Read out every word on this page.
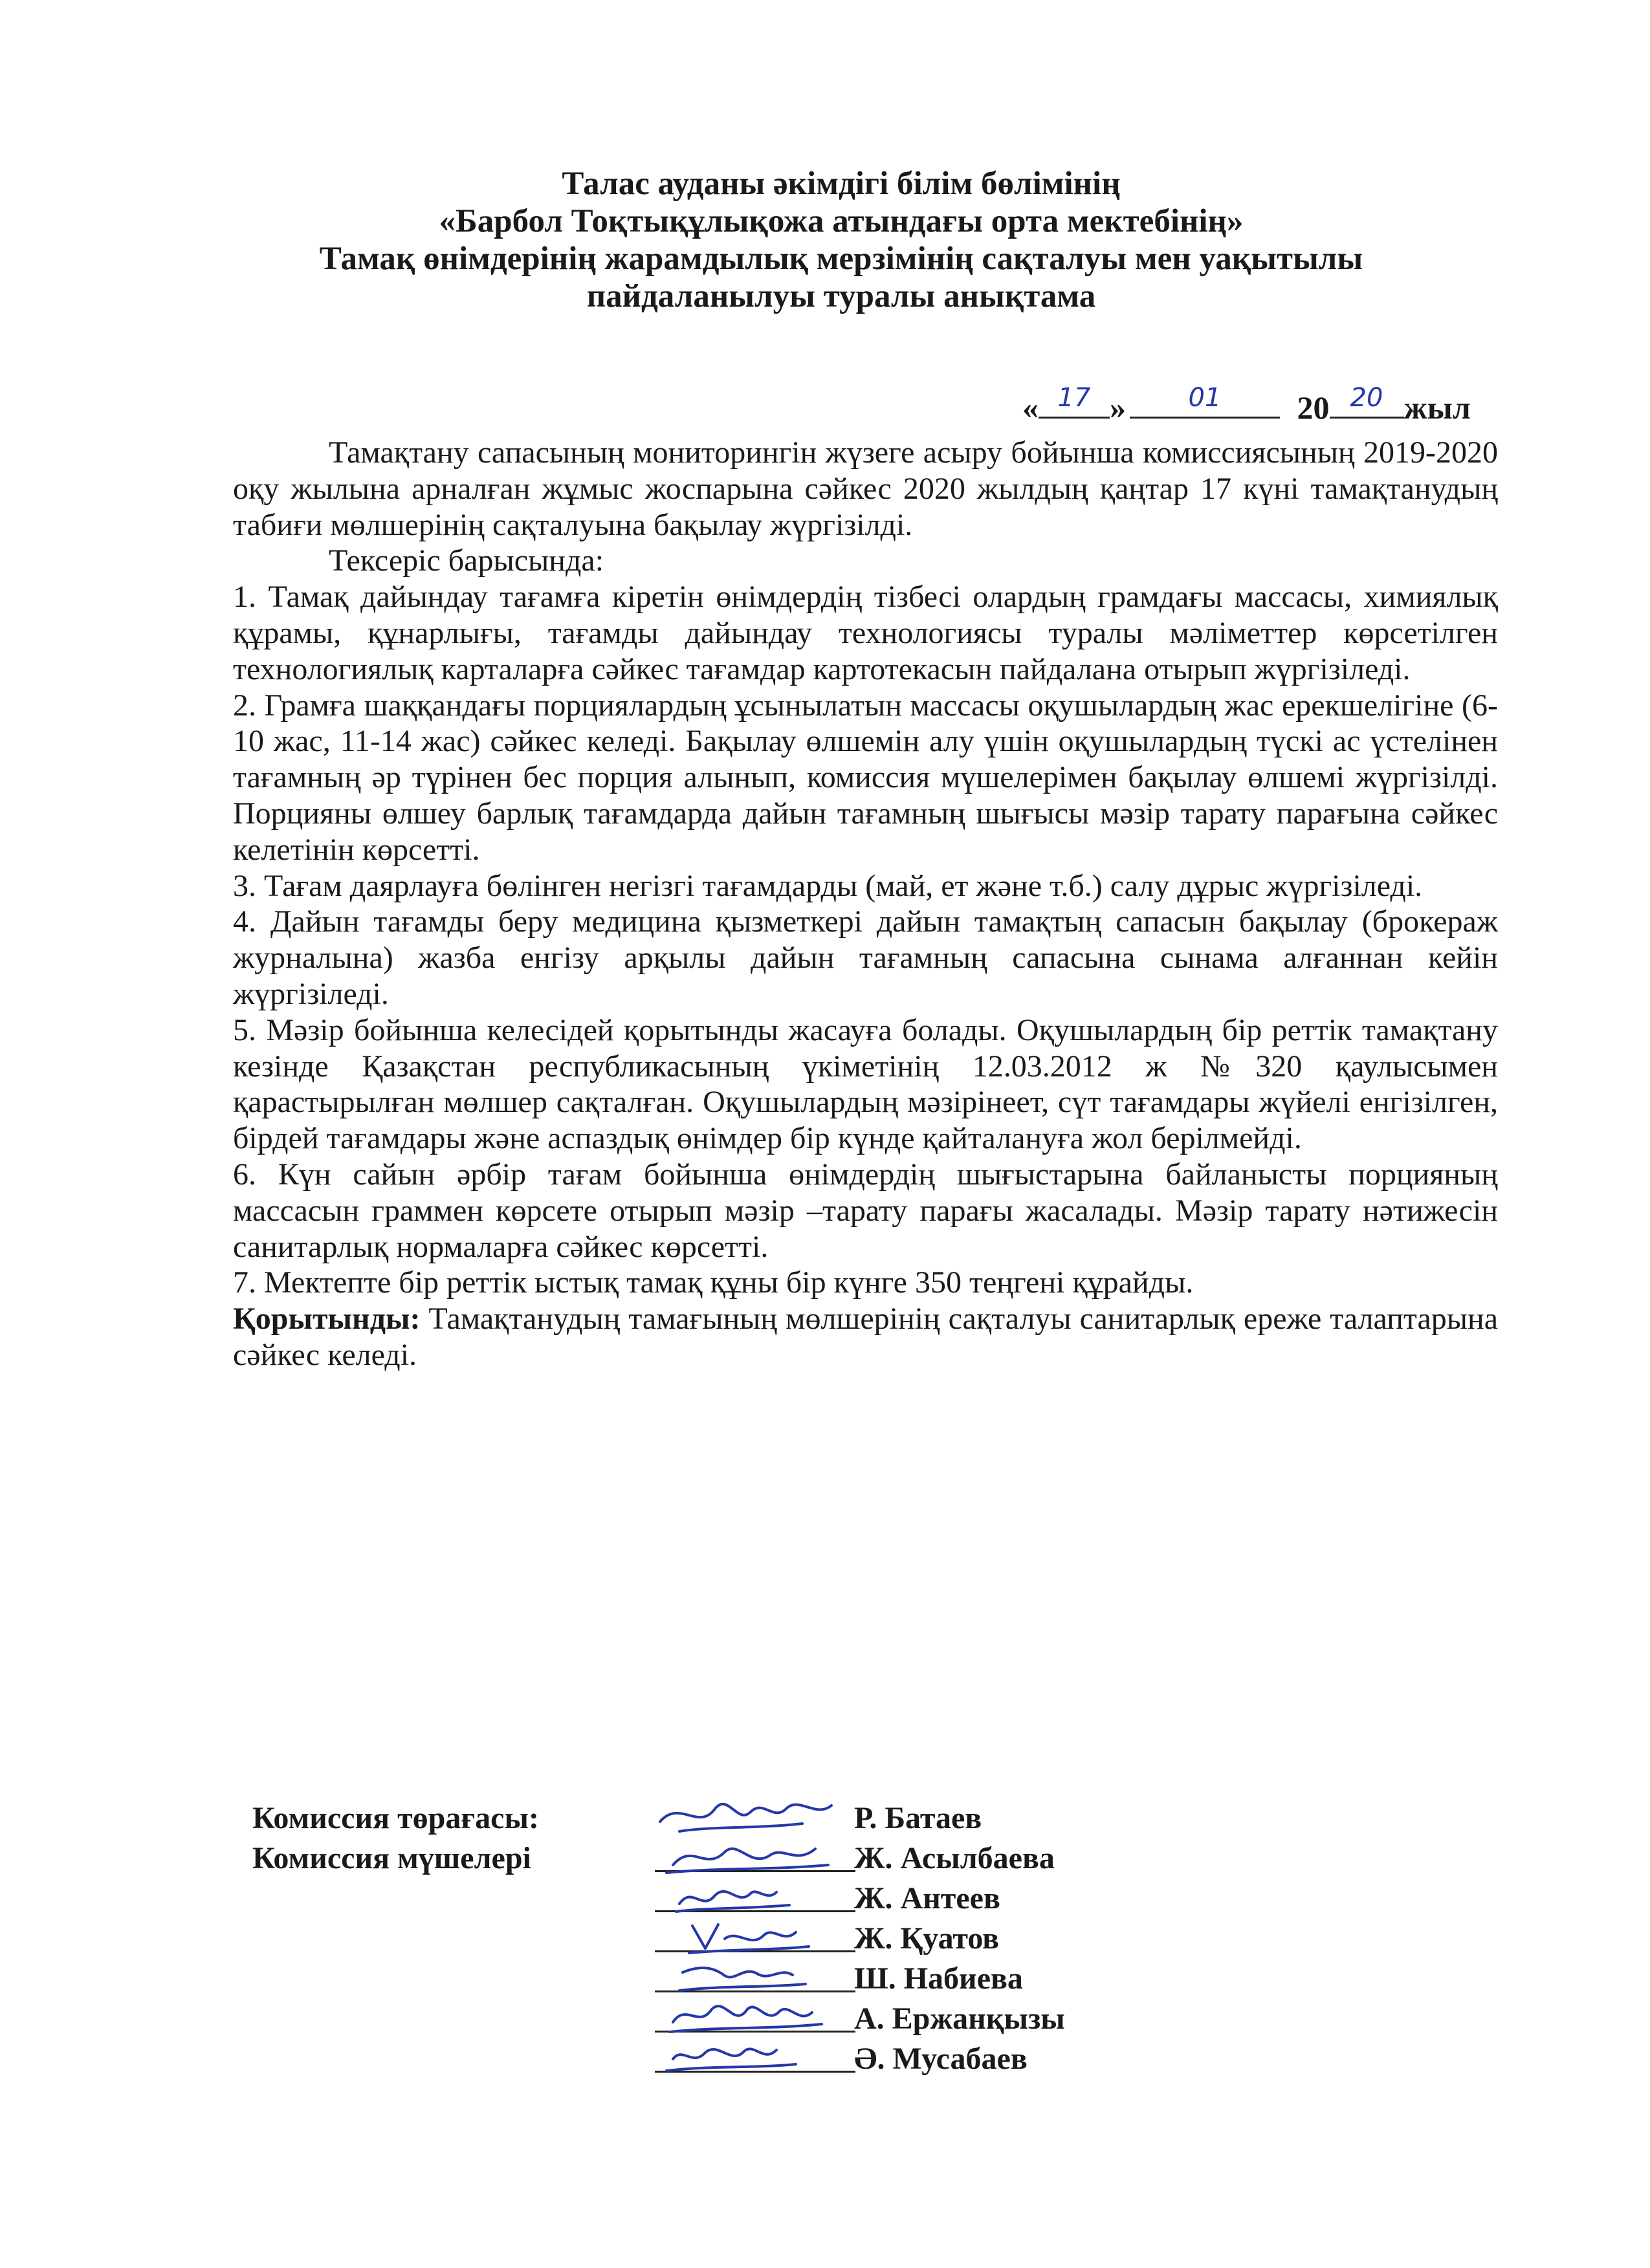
Талас ауданы әкімдігі білім бөлімінің
«Барбол Тоқтықұлықожа атындағы орта мектебінің»
Тамақ өнімдерінің жарамдылық мерзімінің сақталуы мен уақытылы
пайдаланылуы туралы анықтама
« 17 »	01	20 20 жыл

Тамақтану сапасының мониторингін жүзеге асыру бойынша комиссиясының 2019-2020 оқу жылына арналған жұмыс жоспарына сәйкес 2020 жылдың қаңтар 17 күні тамақтанудың табиғи мөлшерінің сақталуына бақылау жүргізілді.

Тексеріс барысында:

1. Тамақ дайындау тағамға кіретін өнімдердің тізбесі олардың грамдағы массасы, химиялық құрамы, құнарлығы, тағамды дайындау технологиясы туралы мәліметтер көрсетілген технологиялық карталарға сәйкес тағамдар картотекасын пайдалана отырып жүргізіледі.

2. Грамға шаққандағы порциялардың ұсынылатын массасы оқушылардың жас ерекшелігіне (6-10 жас, 11-14 жас) сәйкес келеді. Бақылау өлшемін алу үшін оқушылардың түскі ас үстелінен тағамның әр түрінен бес порция алынып, комиссия мүшелерімен бақылау өлшемі жүргізілді. Порцияны өлшеу барлық тағамдарда дайын тағамның шығысы мәзір тарату парағына сәйкес келетінін көрсетті.

3. Тағам даярлауға бөлінген негізгі тағамдарды (май, ет және т.б.) салу дұрыс жүргізіледі.

4. Дайын тағамды беру медицина қызметкері дайын тамақтың сапасын бақылау (брокераж журналына) жазба енгізу арқылы дайын тағамның сапасына сынама алғаннан кейін жүргізіледі.

5. Мәзір бойынша келесідей қорытынды жасауға болады. Оқушылардың бір реттік тамақтану кезінде Қазақстан республикасының үкіметінің 12.03.2012 ж №320 қаулысымен қарастырылған мөлшер сақталған. Оқушылардың мәзірінеет, сүт тағамдары жүйелі енгізілген, бірдей тағамдары және аспаздық өнімдер бір күнде қайталануға жол берілмейді.

6. Күн сайын әрбір тағам бойынша өнімдердің шығыстарына байланысты порцияның массасын граммен көрсете отырып мәзір –тарату парағы жасалады. Мәзір тарату нәтижесін санитарлық нормаларға сәйкес көрсетті.

7. Мектепте бір реттік ыстық тамақ құны бір күнге 350 теңгені құрайды.

Қорытынды: Тамақтанудың тамағының мөлшерінің сақталуы санитарлық ереже талаптарына сәйкес келеді.

Комиссия төрағасы:	Р. Батаев
Комиссия мүшелері	Ж. Асылбаева
Ж. Антеев
Ж. Қуатов
Ш. Набиева
А. Ержанқызы
Ә. Мусабаев
